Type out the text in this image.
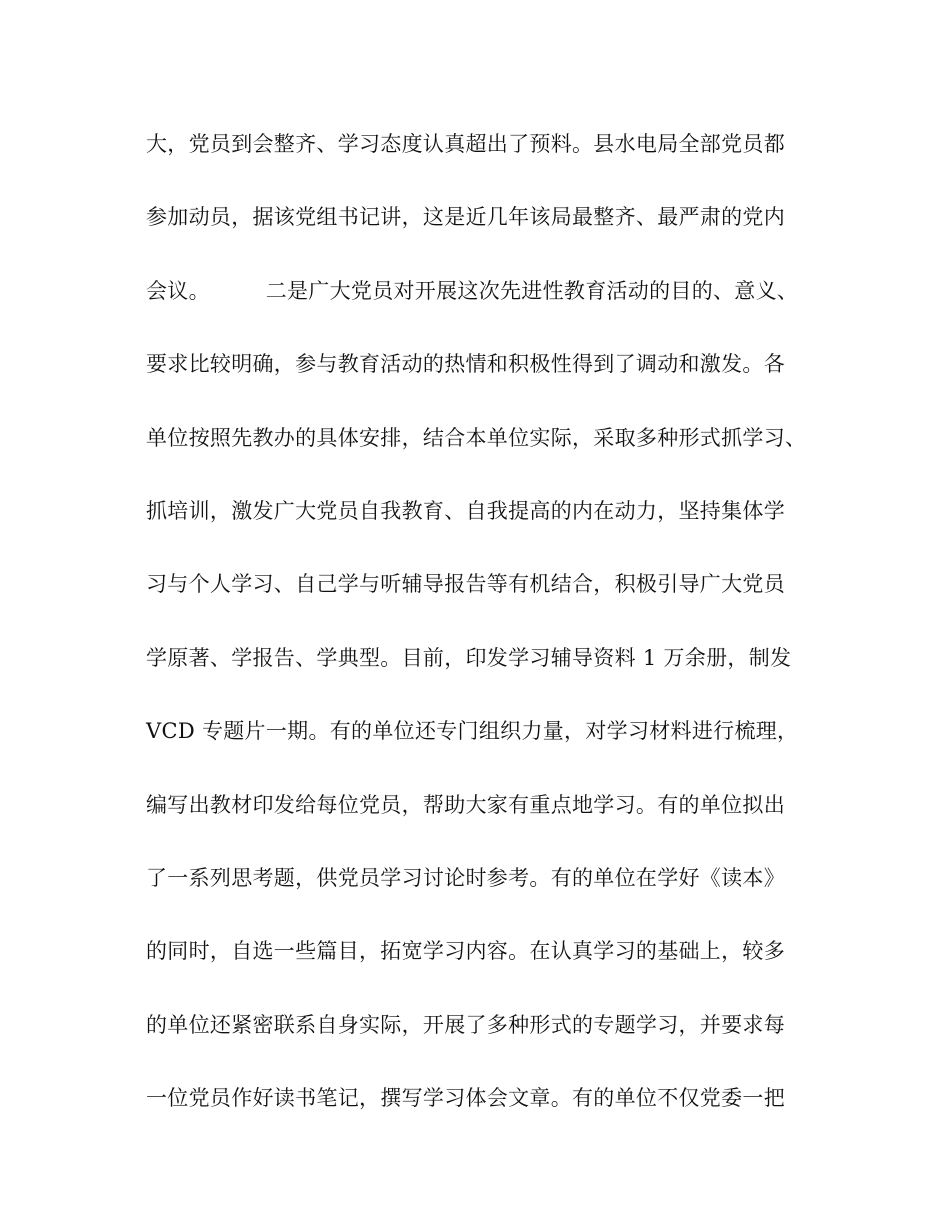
大，党员到会整齐、学习态度认真超出了预料。县水电局全部党员都
参加动员，据该党组书记讲，这是近几年该局最整齐、最严肃的党内
会议。        二是广大党员对开展这次先进性教育活动的目的、意义、
要求比较明确，参与教育活动的热情和积极性得到了调动和激发。各
单位按照先教办的具体安排，结合本单位实际，采取多种形式抓学习、
抓培训，激发广大党员自我教育、自我提高的内在动力，坚持集体学
习与个人学习、自己学与听辅导报告等有机结合，积极引导广大党员
学原著、学报告、学典型。目前，印发学习辅导资料 1 万余册，制发
VCD 专题片一期。有的单位还专门组织力量，对学习材料进行梳理，
编写出教材印发给每位党员，帮助大家有重点地学习。有的单位拟出
了一系列思考题，供党员学习讨论时参考。有的单位在学好《读本》
的同时，自选一些篇目，拓宽学习内容。在认真学习的基础上，较多
的单位还紧密联系自身实际，开展了多种形式的专题学习，并要求每
一位党员作好读书笔记，撰写学习体会文章。有的单位不仅党委一把
